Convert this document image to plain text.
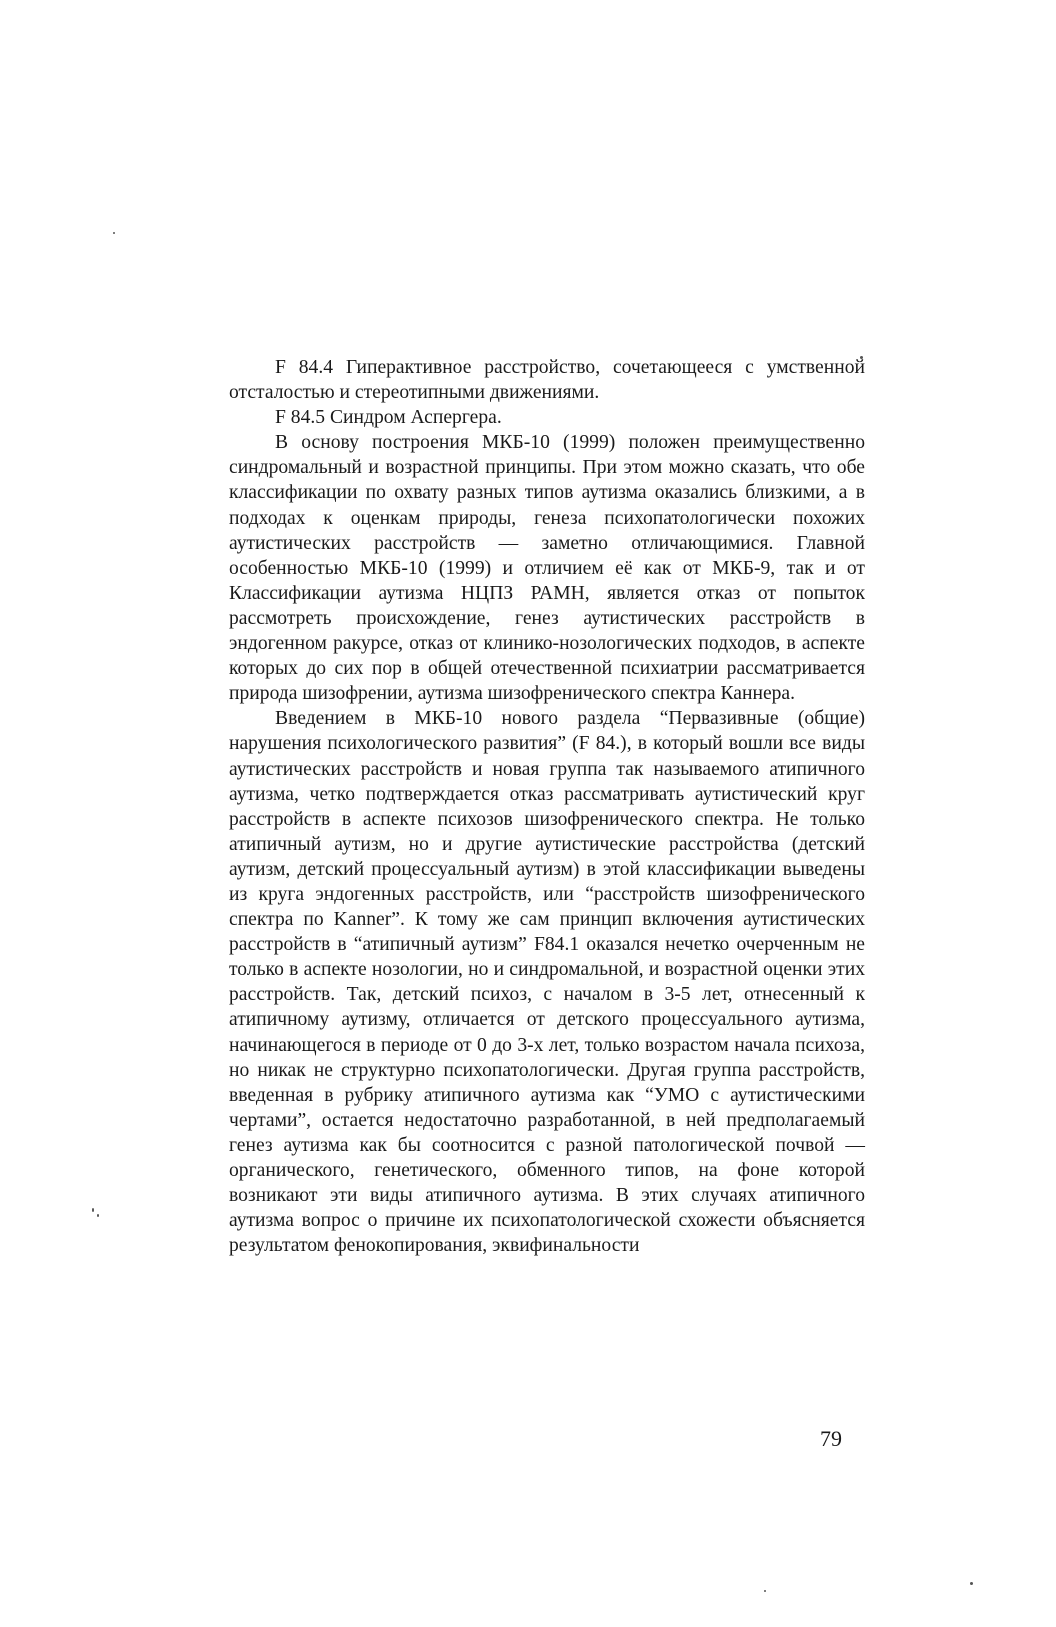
F 84.4 Гиперактивное расстройство, сочетающееся с умственной отсталостью и стереотипными движениями.

F 84.5 Синдром Аспергера.

В основу построения МКБ-10 (1999) положен преимущественно синдромальный и возрастной принципы. При этом можно сказать, что обе классификации по охвату разных типов аутизма оказались близкими, а в подходах к оценкам природы, генеза психопатологически похожих аутистических расстройств — заметно отличающимися. Главной особенностью МКБ-10 (1999) и отличием её как от МКБ-9, так и от Классификации аутизма НЦПЗ РАМН, является отказ от попыток рассмотреть происхождение, генез аутистических расстройств в эндогенном ракурсе, отказ от клинико-нозологических подходов, в аспекте которых до сих пор в общей отечественной психиатрии рассматривается природа шизофрении, аутизма шизофренического спектра Каннера.

Введением в МКБ-10 нового раздела “Первазивные (общие) нарушения психологического развития” (F 84.), в который вошли все виды аутистических расстройств и новая группа так называемого атипичного аутизма, четко подтверждается отказ рассматривать аутистический круг расстройств в аспекте психозов шизофренического спектра. Не только атипичный аутизм, но и другие аутистические расстройства (детский аутизм, детский процессуальный аутизм) в этой классификации выведены из круга эндогенных расстройств, или “расстройств шизофренического спектра по Kanner”. К тому же сам принцип включения аутистических расстройств в “атипичный аутизм” F84.1 оказался нечетко очерченным не только в аспекте нозологии, но и синдромальной, и возрастной оценки этих расстройств. Так, детский психоз, с началом в 3-5 лет, отнесенный к атипичному аутизму, отличается от детского процессуального аутизма, начинающегося в периоде от 0 до 3-х лет, только возрастом начала психоза, но никак не структурно психопатологически. Другая группа расстройств, введенная в рубрику атипичного аутизма как “УМО с аутистическими чертами”, остается недостаточно разработанной, в ней предполагаемый генез аутизма как бы соотносится с разной патологической почвой — органического, генетического, обменного типов, на фоне которой возникают эти виды атипичного аутизма. В этих случаях атипичного аутизма вопрос о причине их психопатологической схожести объясняется результатом фенокопирования, эквифинальности

79
